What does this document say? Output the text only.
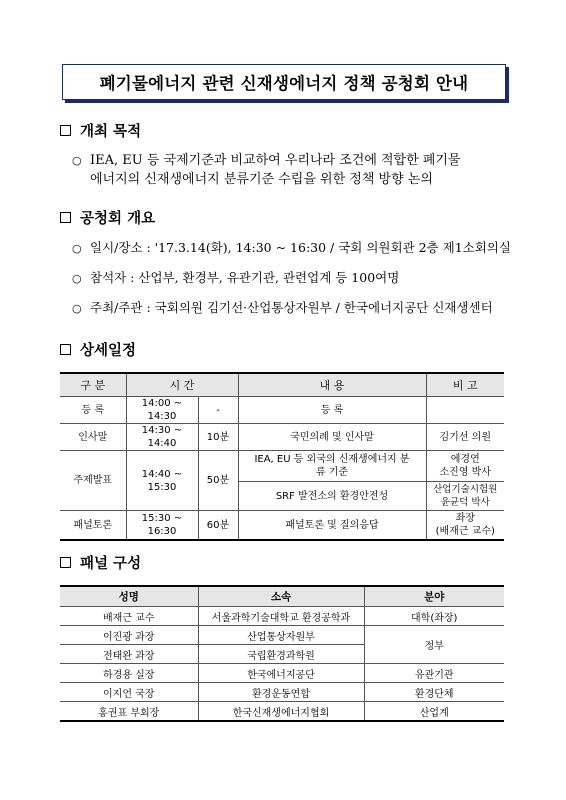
폐기물에너지 관련 신재생에너지 정책 공청회 안내
개최 목적
○ IEA, EU 등 국제기준과 비교하여 우리나라 조건에 적합한 폐기물
에너지의 신재생에너지 분류기준 수립을 위한 정책 방향 논의
공청회 개요
○ 일시/장소 : '17.3.14(화), 14:30 ~ 16:30 / 국회 의원회관 2층 제1소회의실
○ 참석자 : 산업부, 환경부, 유관기관, 관련업계 등 100여명
○ 주최/주관 : 국회의원 김기선·산업통상자원부 / 한국에너지공단 신재생센터
상세일정
구 분	시 간		내 용	비 고
등 록	14:00 ~ 14:30	-	등 록	
인사말	14:30 ~ 14:40	10분	국민의례 및 인사말	김기선 의원
주제발표	14:40 ~ 15:30	50분	IEA, EU 등 외국의 신재생에너지 분류 기준	에경연
소진영 박사

			SRF 발전소의 환경안전성	산업기술시험원
윤균덕 박사

패널토론	15:30 ~ 16:30	60분	패널토론 및 질의응답	좌장
(배재근 교수)
패널 구성
성명	소속	분야
배재근 교수	서울과학기술대학교 환경공학과	대학(좌장)
이진광 과장	산업통상자원부	정부
전태완 과장	국립환경과학원	
하경용 실장	한국에너지공단	유관기관
이지언 국장	환경운동연합	환경단체
홍권표 부회장	한국신재생에너지협회	산업계
